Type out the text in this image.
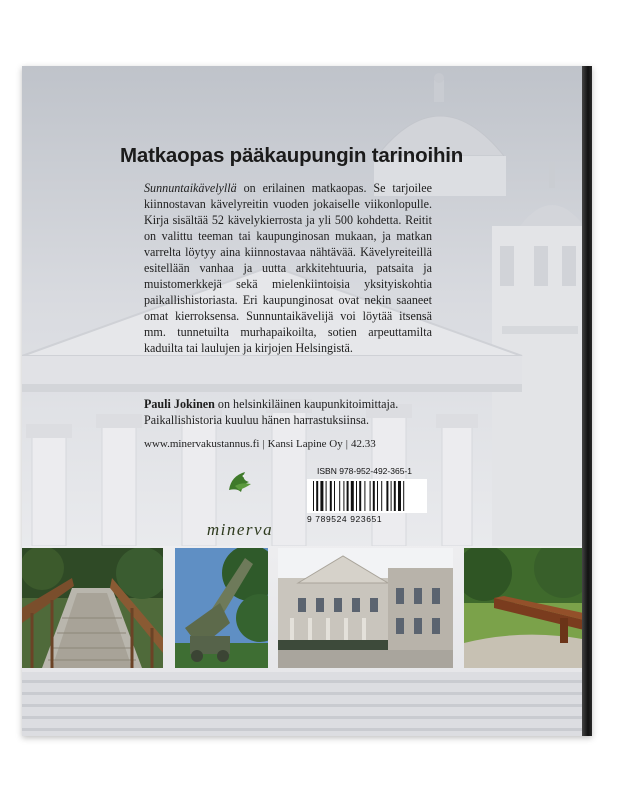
Matkaopas pääkaupungin tarinoihin

Sunnuntaikävelyllä on erilainen matkaopas. Se tarjoilee kiinnostavan kävelyreitin vuoden jokaiselle viikonlopulle. Kirja sisältää 52 kävelykierrosta ja yli 500 kohdetta. Reitit on valittu teeman tai kaupunginosan mukaan, ja matkan varrelta löytyy aina kiinnostavaa nähtävää. Kävelyreiteillä esitellään vanhaa ja uutta arkkitehtuuria, patsaita ja muistomerkkejä sekä mielenkiintoisia yksityiskohtia paikallishistoriasta. Eri kaupunginosat ovat nekin saaneet omat kierroksensa. Sunnuntaikävelijä voi löytää itsensä mm. tunnetuilta murhapaikoilta, sotien arpeuttamilta kaduilta tai laulujen ja kirjojen Helsingistä.

Pauli Jokinen on helsinkiläinen kaupunkitoimittaja. Paikallishistoria kuuluu hänen harrastuksiinsa.

www.minervakustannus.fi | Kansi Lapine Oy | 42.33

minerva
ISBN 978-952-492-365-1
9 789524 923651
